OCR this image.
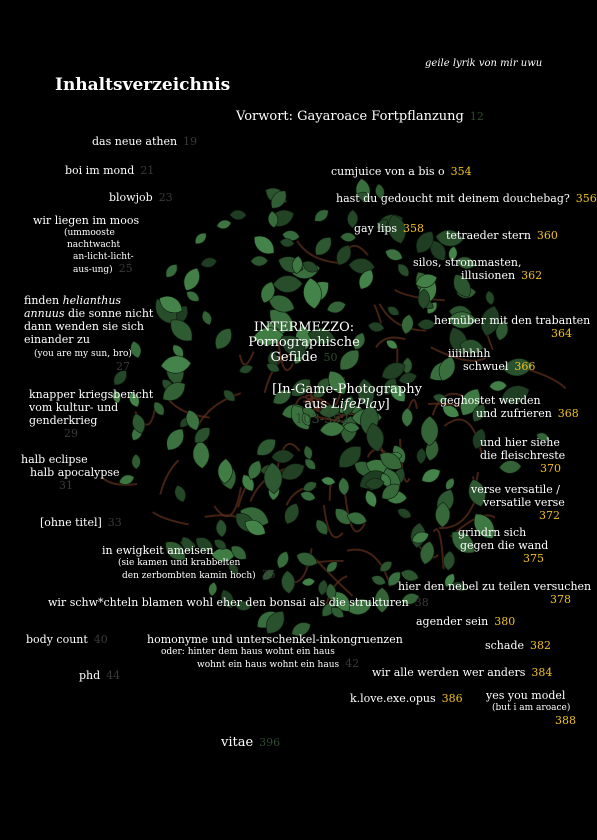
geile lyrik von mir uwu
Inhaltsverzeichnis
Vorwort: Gayaroace Fortpflanzung 12
das neue athen 19
boi im mond 21
blowjob 23
wir liegen im moos
(ummooste
nachtwacht
an-licht-licht-
aus-ung) 25
finden helianthus
annuus die sonne nicht
dann wenden sie sich
einander zu
(you are my sun, bro)
27
knapper kriegsbericht
vom kultur- und
genderkrieg
29
halb eclipse
halb apocalypse
31
[ohne titel] 33
in ewigkeit ameisen
(sie kamen und krabbelten
den zerbombten kamin hoch) 35
wir schw*chteln blamen wohl eher den bonsai als die strukturen 38
body count 40	homonyme und unterschenkel-inkongruenzen
oder: hinter dem haus wohnt ein haus
wohnt ein haus wohnt ein haus 42
phd 44
INTERMEZZO:
Pornographische
Gefilde 50
[In-Game-Photography
aus LifePlay]
103-352
cumjuice von a bis o 354
hast du gedoucht mit deinem douchebag? 356
gay lips 358
tetraeder stern 360
silos, strommasten,
illusionen 362
hernüber mit den trabanten
364
iiiihhhh
schwuel 366
geghostet werden
und zufrieren 368
und hier siehe
die fleischreste
370
verse versatile /
versatile verse
372
grindrn sich
gegen die wand
375
hier den nebel zu teilen versuchen
378
agender sein 380
schade 382
wir alle werden wer anders 384
k.love.exe.opus 386 yes you model
(but i am aroace)
388
vitae 396
